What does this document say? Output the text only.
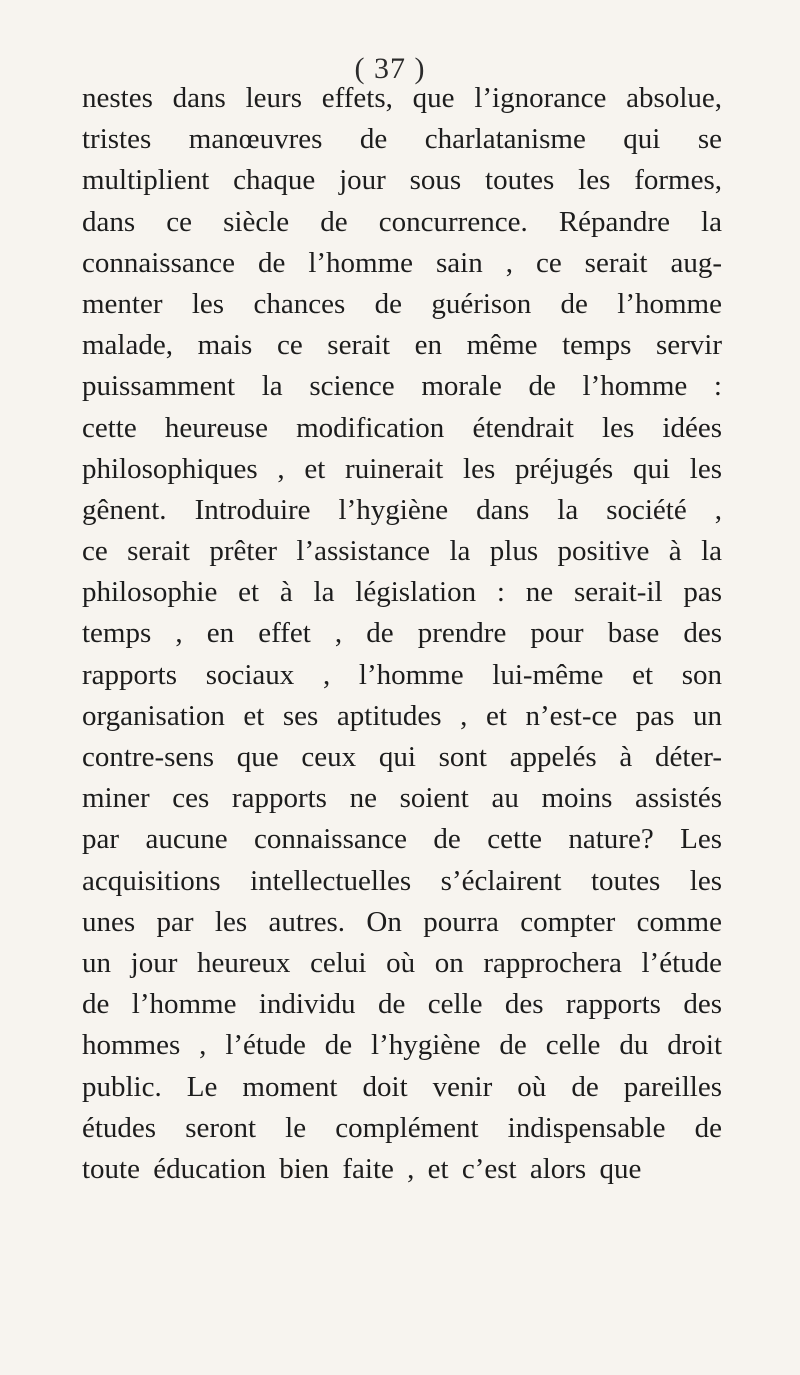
( 37 )
nestes dans leurs effets, que l’ignorance absolue,
tristes manœuvres de charlatanisme qui se
multiplient chaque jour sous toutes les formes,
dans ce siècle de concurrence. Répandre la
connaissance de l’homme sain , ce serait aug-
menter les chances de guérison de l’homme
malade, mais ce serait en même temps servir
puissamment la science morale de l’homme :
cette heureuse modification étendrait les idées
philosophiques , et ruinerait les préjugés qui les
gênent. Introduire l’hygiène dans la société ,
ce serait prêter l’assistance la plus positive à la
philosophie et à la législation : ne serait-il pas
temps , en effet , de prendre pour base des
rapports sociaux , l’homme lui-même et son
organisation et ses aptitudes , et n’est-ce pas un
contre-sens que ceux qui sont appelés à déter-
miner ces rapports ne soient au moins assistés
par aucune connaissance de cette nature? Les
acquisitions intellectuelles s’éclairent toutes les
unes par les autres. On pourra compter comme
un jour heureux celui où on rapprochera l’étude
de l’homme individu de celle des rapports des
hommes , l’étude de l’hygiène de celle du droit
public. Le moment doit venir où de pareilles
études seront le complément indispensable de
toute éducation bien faite , et c’est alors que
